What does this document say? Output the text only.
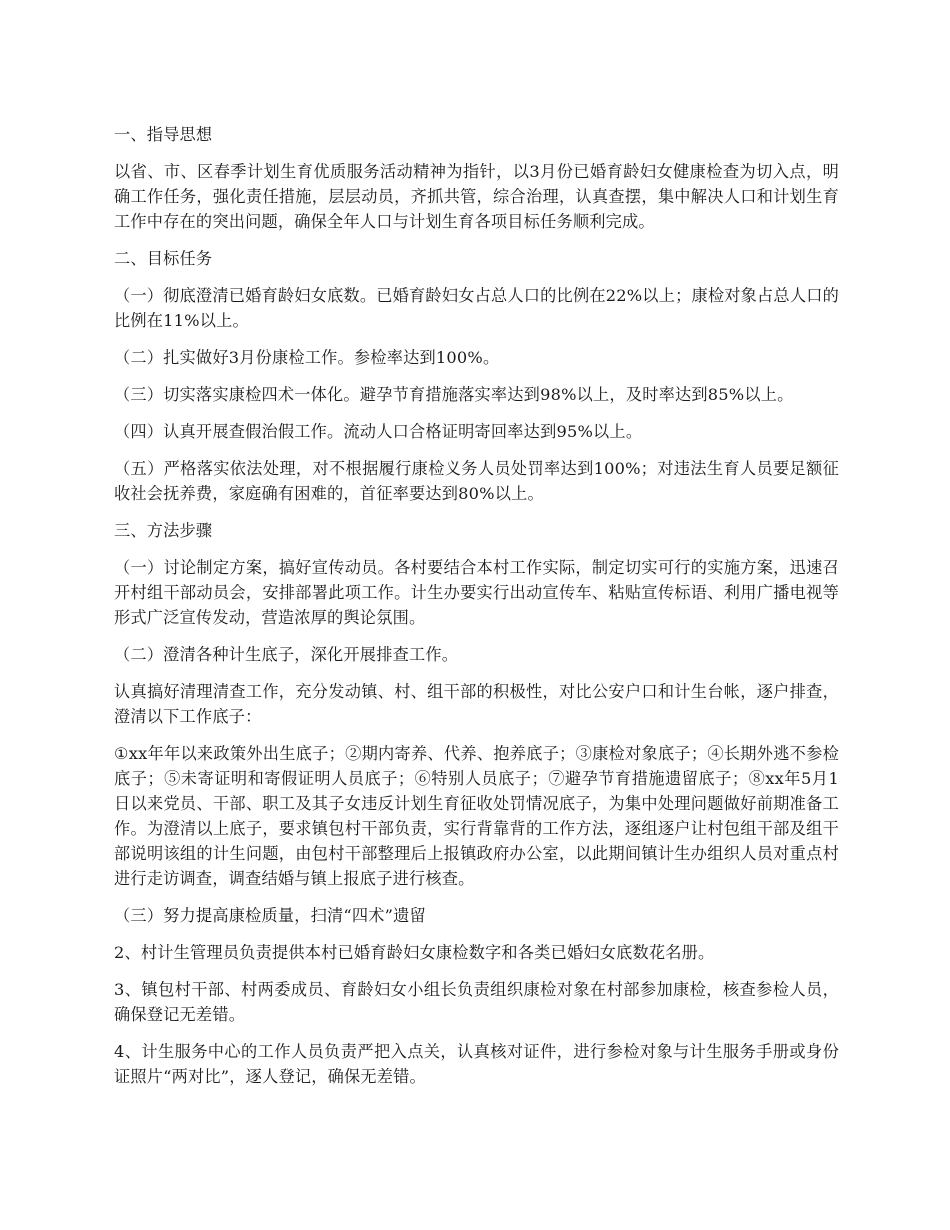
一、指导思想

以省、市、区春季计划生育优质服务活动精神为指针，以3月份已婚育龄妇女健康检查为切入点，明确工作任务，强化责任措施，层层动员，齐抓共管，综合治理，认真查摆，集中解决人口和计划生育工作中存在的突出问题，确保全年人口与计划生育各项目标任务顺利完成。

二、目标任务

（一）彻底澄清已婚育龄妇女底数。已婚育龄妇女占总人口的比例在22%以上；康检对象占总人口的比例在11%以上。

（二）扎实做好3月份康检工作。参检率达到100%。

（三）切实落实康检四术一体化。避孕节育措施落实率达到98%以上，及时率达到85%以上。

（四）认真开展查假治假工作。流动人口合格证明寄回率达到95%以上。

（五）严格落实依法处理，对不根据履行康检义务人员处罚率达到100%；对违法生育人员要足额征收社会抚养费，家庭确有困难的，首征率要达到80%以上。

三、方法步骤

（一）讨论制定方案，搞好宣传动员。各村要结合本村工作实际，制定切实可行的实施方案，迅速召开村组干部动员会，安排部署此项工作。计生办要实行出动宣传车、粘贴宣传标语、利用广播电视等形式广泛宣传发动，营造浓厚的舆论氛围。

（二）澄清各种计生底子，深化开展排查工作。

认真搞好清理清查工作，充分发动镇、村、组干部的积极性，对比公安户口和计生台帐，逐户排查，澄清以下工作底子：

①xx年年以来政策外出生底子；②期内寄养、代养、抱养底子；③康检对象底子；④长期外逃不参检底子；⑤未寄证明和寄假证明人员底子；⑥特别人员底子；⑦避孕节育措施遗留底子；⑧xx年5月1日以来党员、干部、职工及其子女违反计划生育征收处罚情况底子，为集中处理问题做好前期准备工作。为澄清以上底子，要求镇包村干部负责，实行背靠背的工作方法，逐组逐户让村包组干部及组干部说明该组的计生问题，由包村干部整理后上报镇政府办公室，以此期间镇计生办组织人员对重点村进行走访调查，调查结婚与镇上报底子进行核查。

（三）努力提高康检质量，扫清“四术”遗留

2、村计生管理员负责提供本村已婚育龄妇女康检数字和各类已婚妇女底数花名册。

3、镇包村干部、村两委成员、育龄妇女小组长负责组织康检对象在村部参加康检，核查参检人员，确保登记无差错。

4、计生服务中心的工作人员负责严把入点关，认真核对证件，进行参检对象与计生服务手册或身份证照片“两对比”，逐人登记，确保无差错。
